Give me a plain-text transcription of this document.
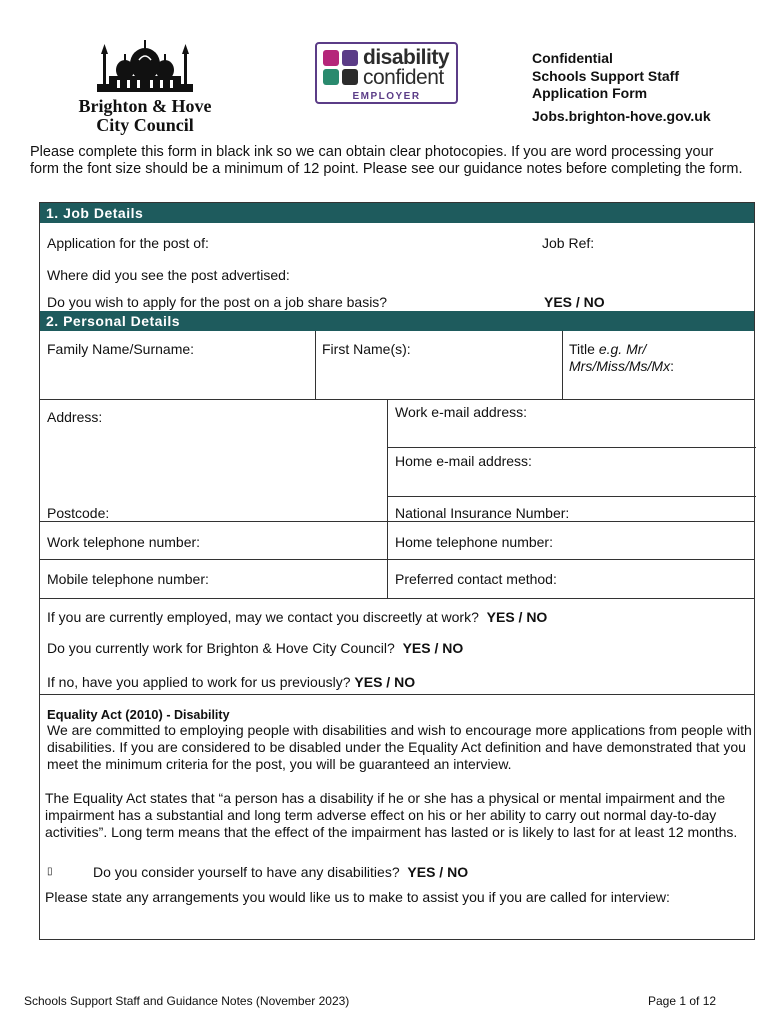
Brighton & Hove
City Council
disability
confident
EMPLOYER
Confidential
Schools Support Staff
Application Form
Jobs.brighton-hove.gov.uk
Please complete this form in black ink so we can obtain clear photocopies. If you are word processing your form the font size should be a minimum of 12 point. Please see our guidance notes before completing the form.
1. Job Details
Application for the post of:	Job Ref:
Where did you see the post advertised:
Do you wish to apply for the post on a job share basis?	YES / NO
2. Personal Details
Family Name/Surname:	First Name(s):	Title e.g. Mr/
Mrs/Miss/Ms/Mx:
Address:	Work e-mail address:
Home e-mail address:
Postcode:	National Insurance Number:
Work telephone number:	Home telephone number:
Mobile telephone number:	Preferred contact method:
If you are currently employed, may we contact you discreetly at work? YES / NO
Do you currently work for Brighton & Hove City Council? YES / NO
If no, have you applied to work for us previously? YES / NO
Equality Act (2010) - Disability
We are committed to employing people with disabilities and wish to encourage more applications from people with disabilities. If you are considered to be disabled under the Equality Act definition and have demonstrated that you meet the minimum criteria for the post, you will be guaranteed an interview.
The Equality Act states that “a person has a disability if he or she has a physical or mental impairment and the impairment has a substantial and long term adverse effect on his or her ability to carry out normal day-to-day activities”. Long term means that the effect of the impairment has lasted or is likely to last for at least 12 months.
▯	Do you consider yourself to have any disabilities? YES / NO
Please state any arrangements you would like us to make to assist you if you are called for interview:
Schools Support Staff and Guidance Notes (November 2023)	Page 1 of 12
